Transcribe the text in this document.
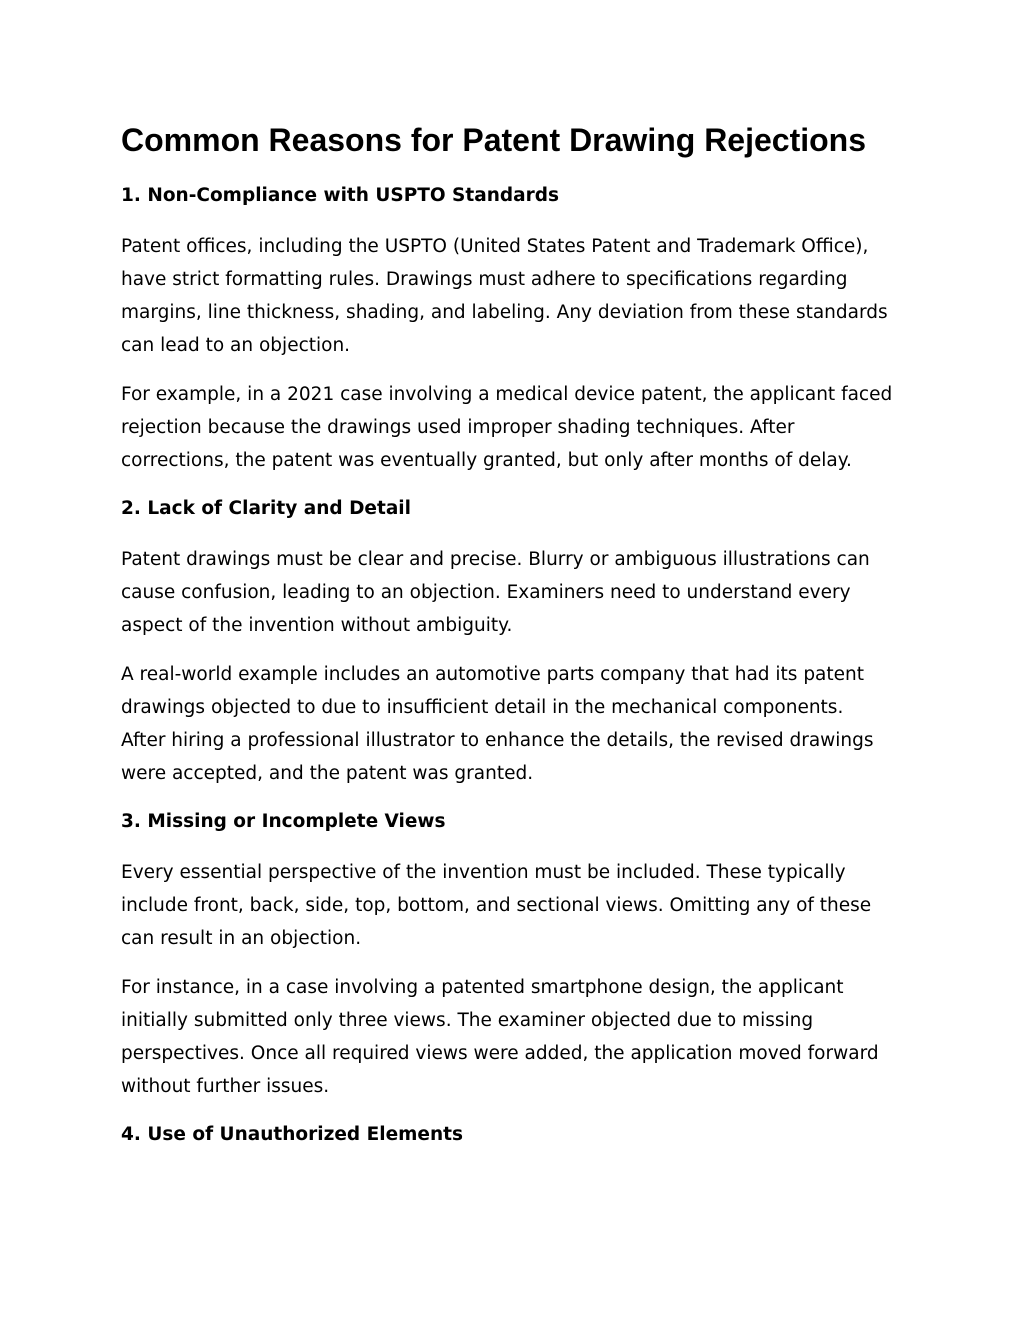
Common Reasons for Patent Drawing Rejections
1. Non-Compliance with USPTO Standards

Patent offices, including the USPTO (United States Patent and Trademark Office),
have strict formatting rules. Drawings must adhere to specifications regarding
margins, line thickness, shading, and labeling. Any deviation from these standards
can lead to an objection.

For example, in a 2021 case involving a medical device patent, the applicant faced
rejection because the drawings used improper shading techniques. After
corrections, the patent was eventually granted, but only after months of delay.

2. Lack of Clarity and Detail

Patent drawings must be clear and precise. Blurry or ambiguous illustrations can
cause confusion, leading to an objection. Examiners need to understand every
aspect of the invention without ambiguity.

A real-world example includes an automotive parts company that had its patent
drawings objected to due to insufficient detail in the mechanical components.
After hiring a professional illustrator to enhance the details, the revised drawings
were accepted, and the patent was granted.

3. Missing or Incomplete Views

Every essential perspective of the invention must be included. These typically
include front, back, side, top, bottom, and sectional views. Omitting any of these
can result in an objection.

For instance, in a case involving a patented smartphone design, the applicant
initially submitted only three views. The examiner objected due to missing
perspectives. Once all required views were added, the application moved forward
without further issues.

4. Use of Unauthorized Elements
